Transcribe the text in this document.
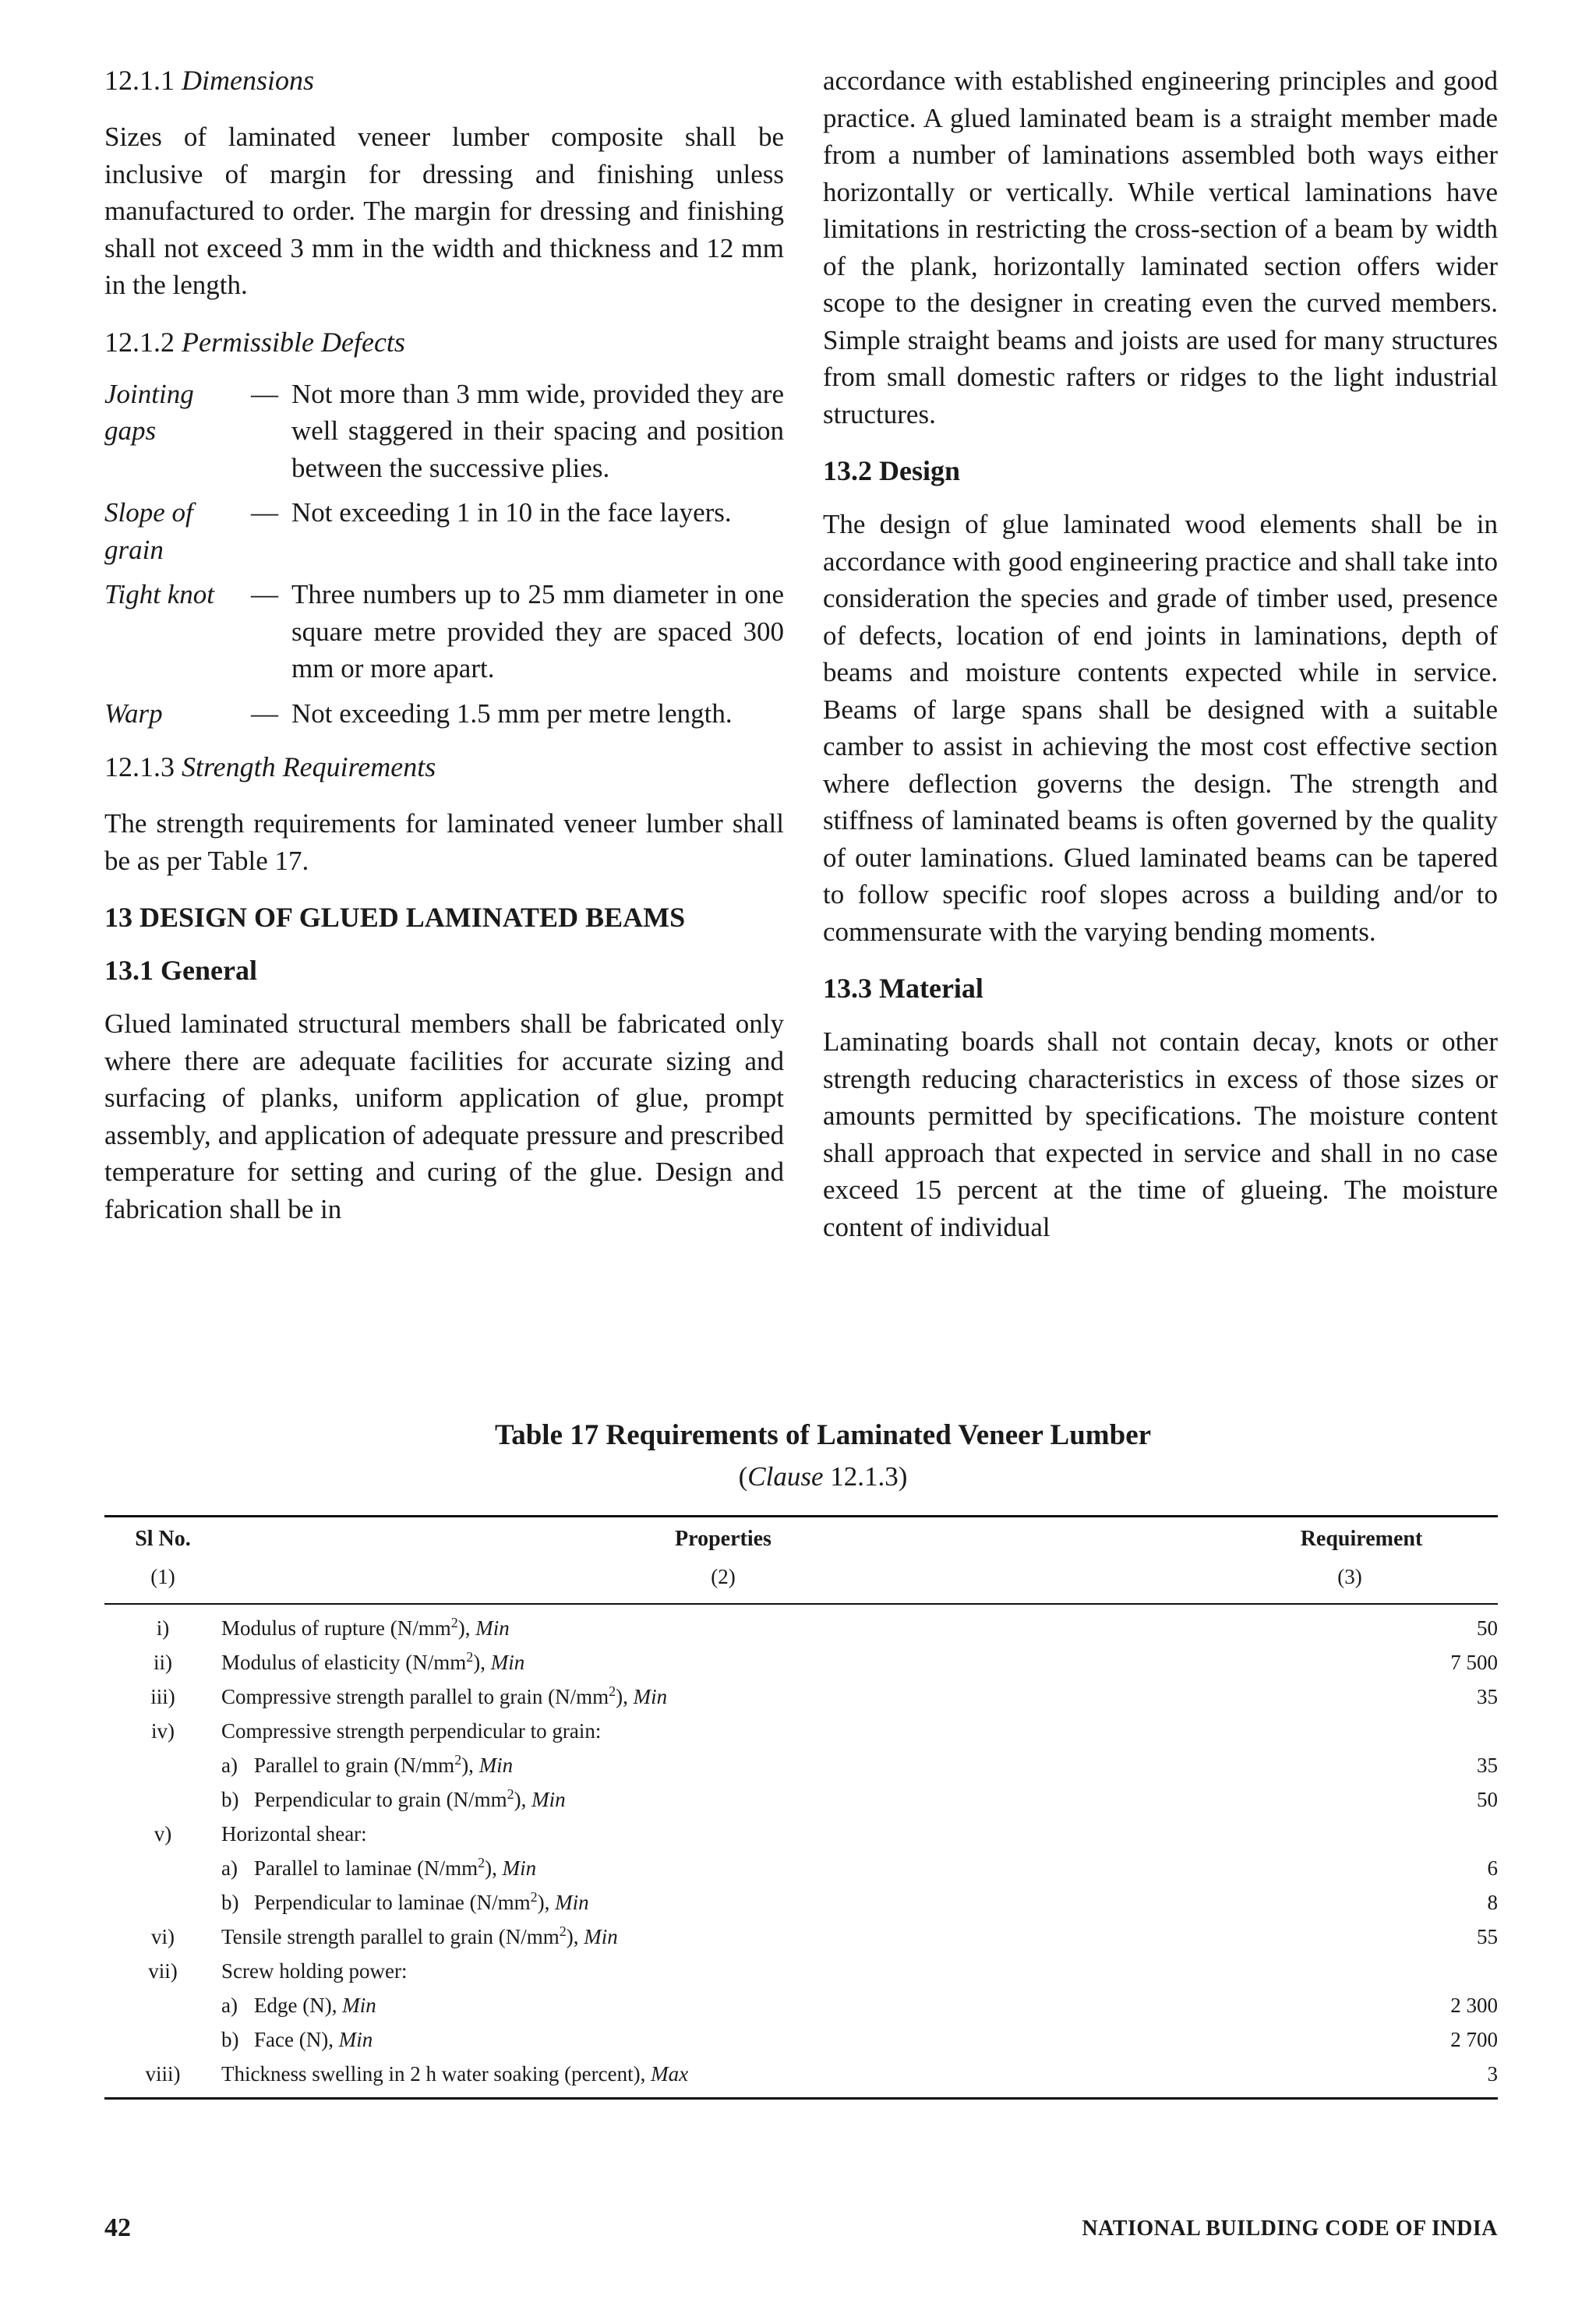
12.1.1 Dimensions

Sizes of laminated veneer lumber composite shall be inclusive of margin for dressing and finishing unless manufactured to order. The margin for dressing and finishing shall not exceed 3 mm in the width and thickness and 12 mm in the length.

12.1.2 Permissible Defects

Jointing gaps
— Not more than 3 mm wide, provided they are well staggered in their spacing and position between the successive plies.
Slope of grain
— Not exceeding 1 in 10 in the face layers.
Tight knot	— Three numbers up to 25 mm diameter in one square metre provided they are spaced 300 mm or more apart.
Warp	— Not exceeding 1.5 mm per metre length.

12.1.3 Strength Requirements

The strength requirements for laminated veneer lumber shall be as per Table 17.

13 DESIGN OF GLUED LAMINATED BEAMS

13.1 General

Glued laminated structural members shall be fabricated only where there are adequate facilities for accurate sizing and surfacing of planks, uniform application of glue, prompt assembly, and application of adequate pressure and prescribed temperature for setting and curing of the glue. Design and fabrication shall be in

accordance with established engineering principles and good practice. A glued laminated beam is a straight member made from a number of laminations assembled both ways either horizontally or vertically. While vertical laminations have limitations in restricting the cross-section of a beam by width of the plank, horizontally laminated section offers wider scope to the designer in creating even the curved members. Simple straight beams and joists are used for many structures from small domestic rafters or ridges to the light industrial structures.

13.2 Design

The design of glue laminated wood elements shall be in accordance with good engineering practice and shall take into consideration the species and grade of timber used, presence of defects, location of end joints in laminations, depth of beams and moisture contents expected while in service. Beams of large spans shall be designed with a suitable camber to assist in achieving the most cost effective section where deflection governs the design. The strength and stiffness of laminated beams is often governed by the quality of outer laminations. Glued laminated beams can be tapered to follow specific roof slopes across a building and/or to commensurate with the varying bending moments.

13.3 Material

Laminating boards shall not contain decay, knots or other strength reducing characteristics in excess of those sizes or amounts permitted by specifications. The moisture content shall approach that expected in service and shall in no case exceed 15 percent at the time of glueing. The moisture content of individual

Table 17 Requirements of Laminated Veneer Lumber

(Clause 12.1.3)

Sl No.	Properties	Requirement
(1)	(2)	(3)
i)	Modulus of rupture $(N/mm^2)$, Min	50
ii)	Modulus of elasticity $(N/mm^2)$, Min	7 500
iii)	Compressive strength parallel to grain $(N/mm^2)$, Min	35
iv)	Compressive strength perpendicular to grain:	
	a) Parallel to grain $(N/mm^2)$, Min	35
	b) Perpendicular to grain $(N/mm^2)$, Min	50
v)	Horizontal shear:	
	a) Parallel to laminae $(N/mm^2)$, Min	6
	b) Perpendicular to laminae $(N/mm^2)$, Min	8
vi)	Tensile strength parallel to grain $(N/mm^2)$, Min	55
vii)	Screw holding power:	
	a) Edge (N), Min	2 300
	b) Face (N), Min	2 700
viii)	Thickness swelling in 2 h water soaking (percent), Max	3
42	NATIONAL BUILDING CODE OF INDIA
